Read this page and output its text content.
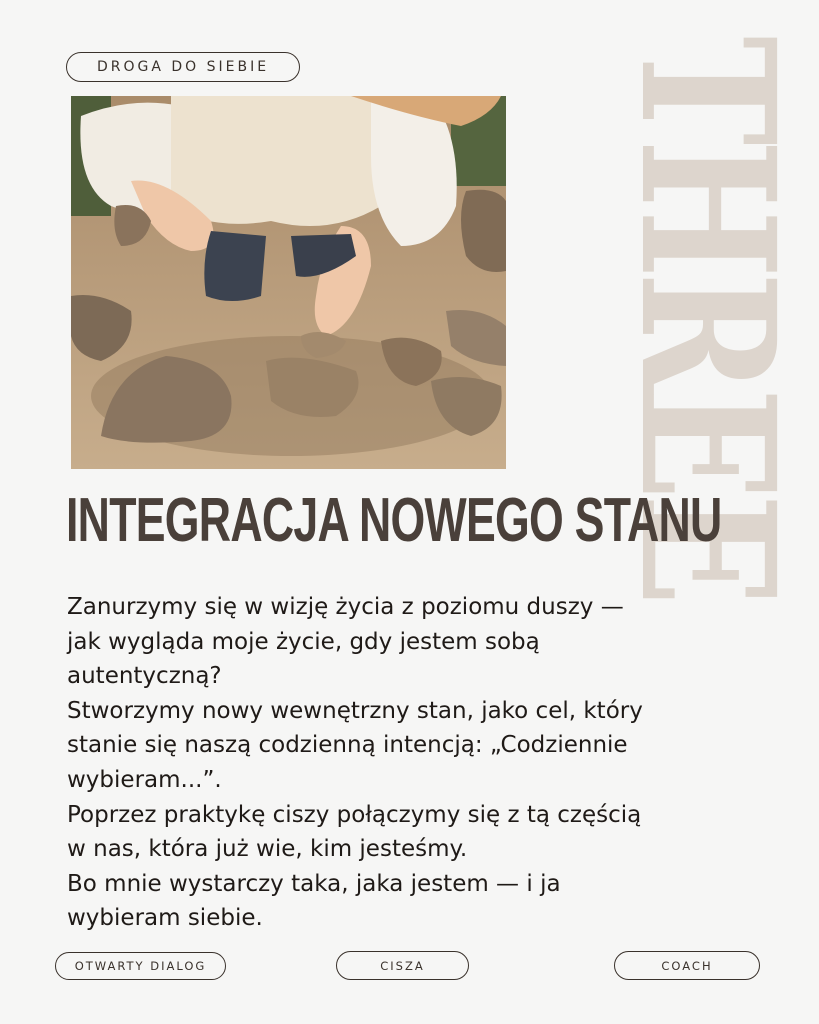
DROGA DO SIEBIE THREE
INTEGRACJA NOWEGO STANU

Zanurzymy się w wizję życia z poziomu duszy —

jak wygląda moje życie, gdy jestem sobą

autentyczną?

Stworzymy nowy wewnętrzny stan, jako cel, który

stanie się naszą codzienną intencją: „Codziennie

wybieram...”.

Poprzez praktykę ciszy połączymy się z tą częścią

w nas, która już wie, kim jesteśmy.

Bo mnie wystarczy taka, jaka jestem — i ja

wybieram siebie.

OTWARTY DIALOG	CISZA	COACH
